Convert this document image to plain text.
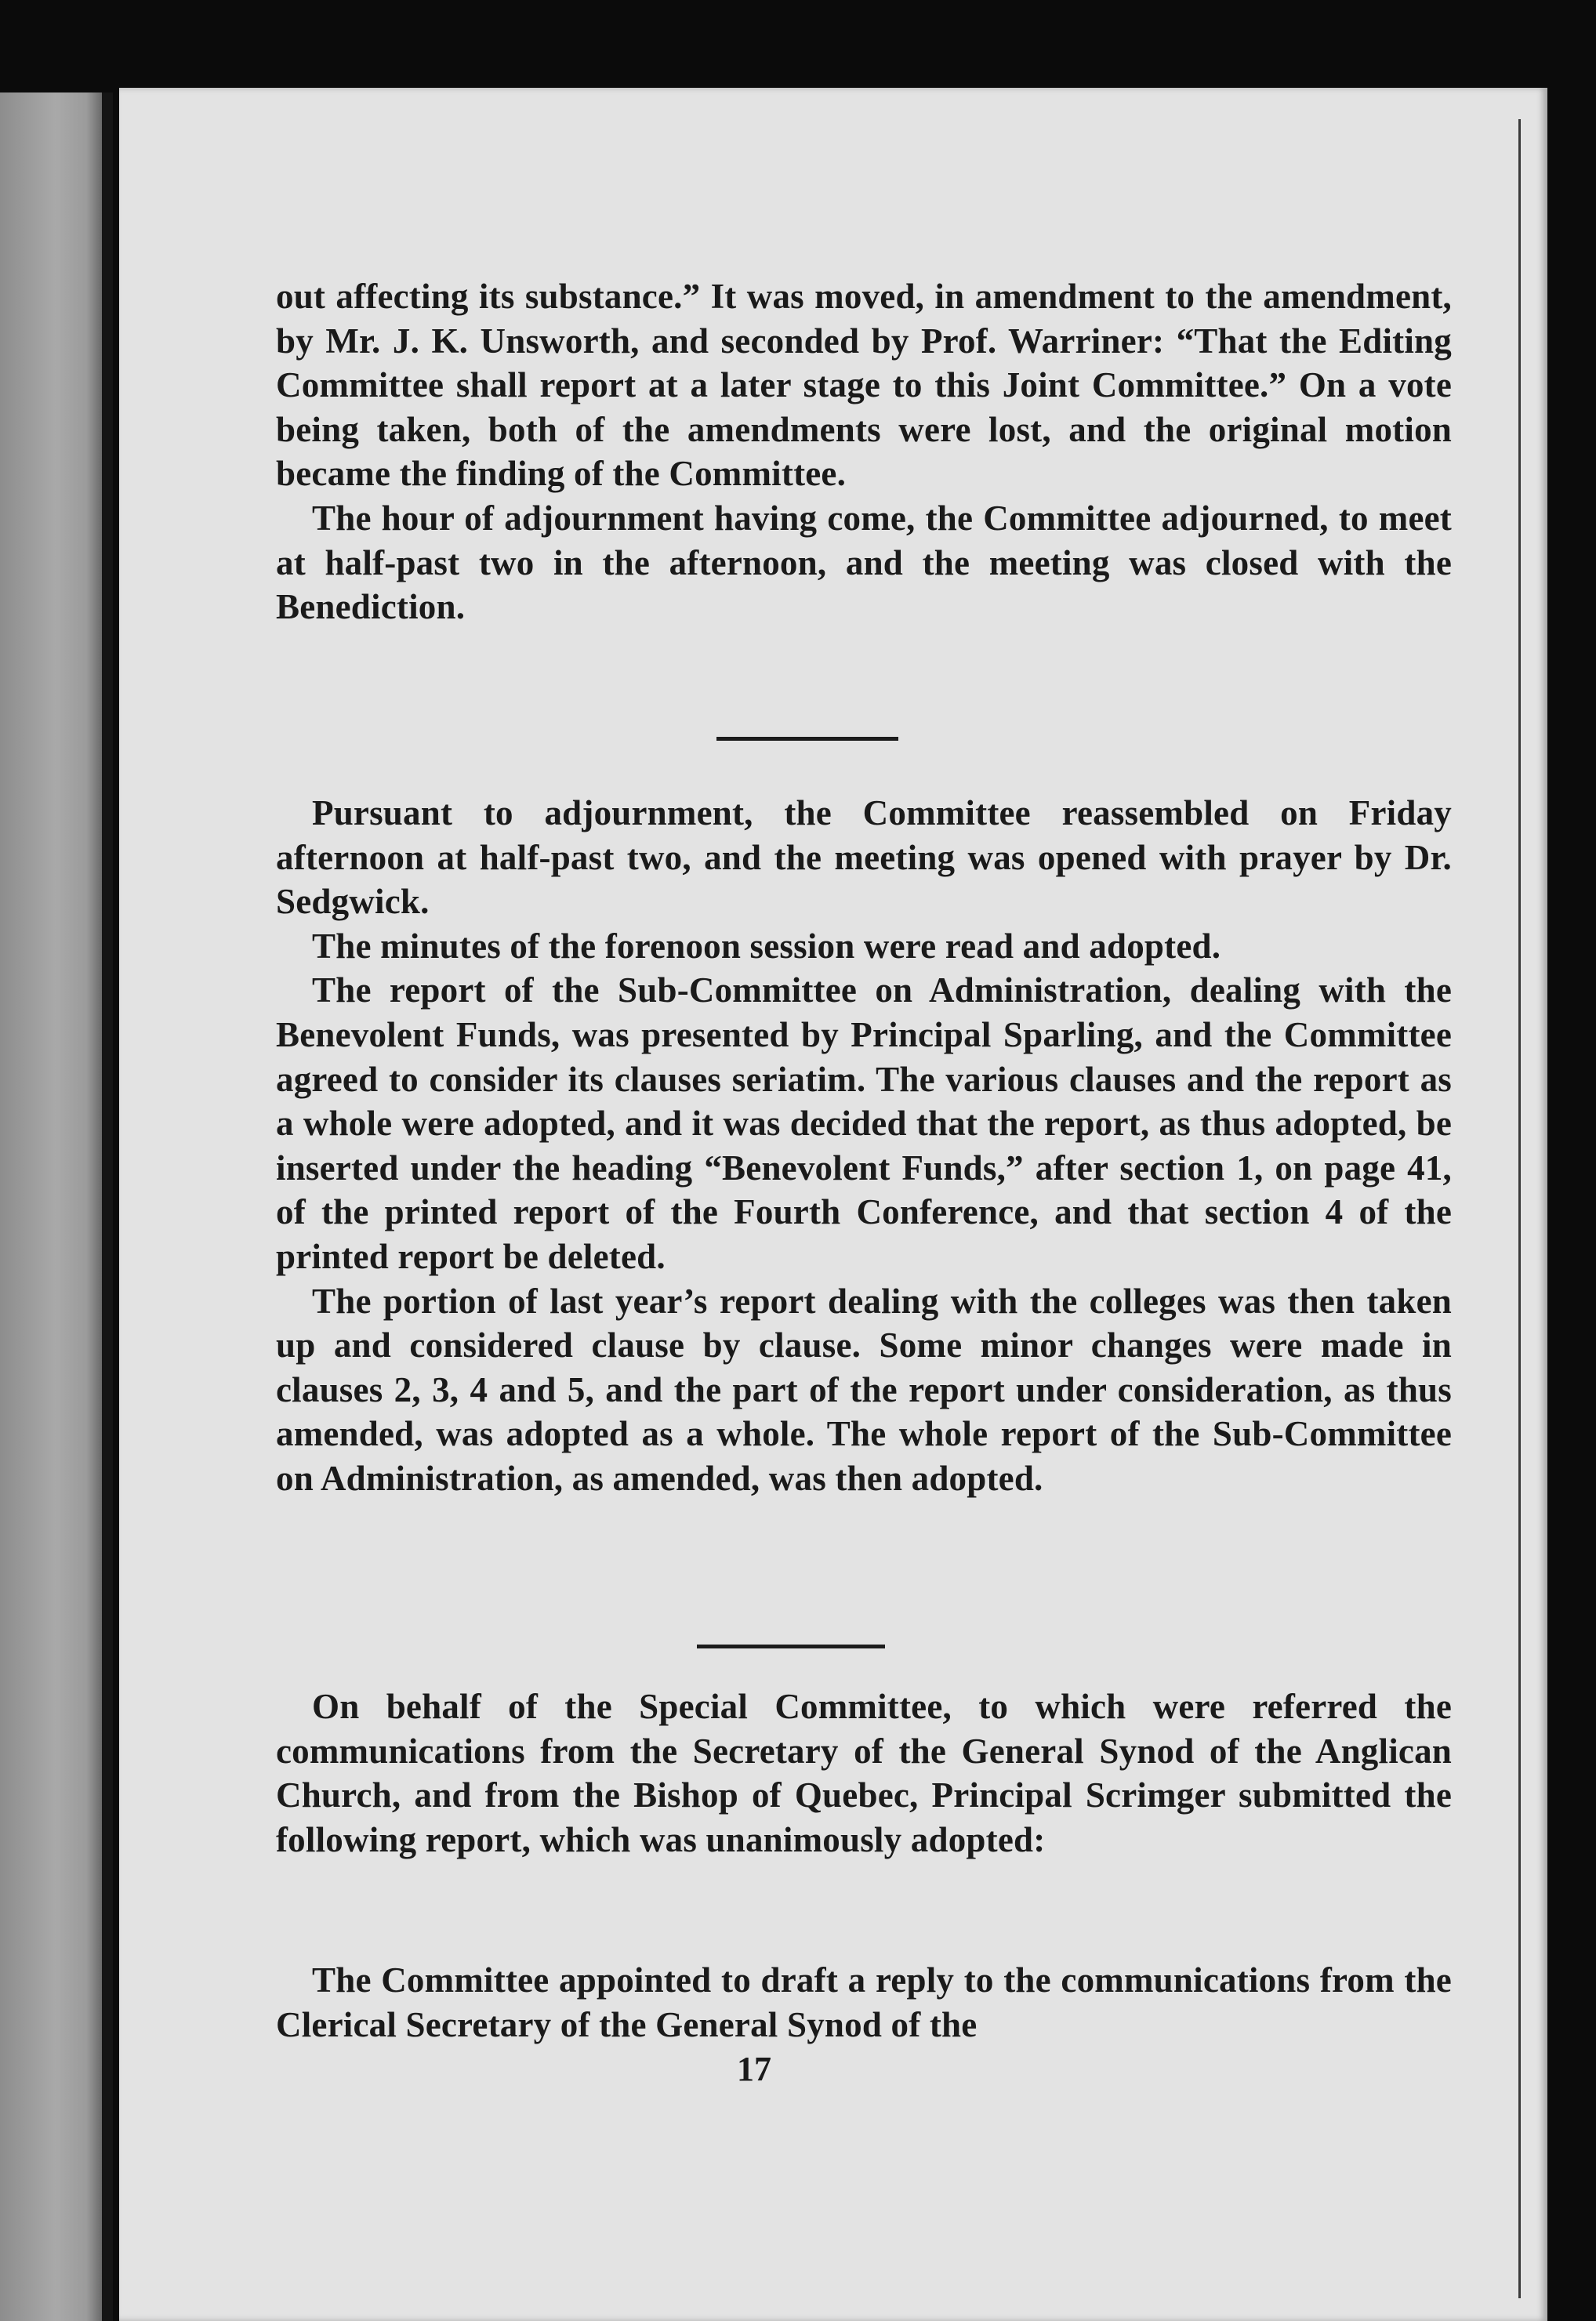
out affecting its substance.” It was moved, in amendment to the amendment, by Mr. J. K. Unsworth, and seconded by Prof. Warriner: “That the Editing Committee shall report at a later stage to this Joint Committee.” On a vote being taken, both of the amendments were lost, and the original motion became the finding of the Committee.

The hour of adjournment having come, the Committee adjourned, to meet at half-past two in the afternoon, and the meeting was closed with the Benediction.

Pursuant to adjournment, the Committee reassembled on Friday afternoon at half-past two, and the meeting was opened with prayer by Dr. Sedgwick.

The minutes of the forenoon session were read and adopted.

The report of the Sub-Committee on Administration, dealing with the Benevolent Funds, was presented by Principal Sparling, and the Committee agreed to consider its clauses seriatim. The various clauses and the report as a whole were adopted, and it was decided that the report, as thus adopted, be inserted under the heading “Benevolent Funds,” after section 1, on page 41, of the printed report of the Fourth Conference, and that section 4 of the printed report be deleted.

The portion of last year’s report dealing with the colleges was then taken up and considered clause by clause. Some minor changes were made in clauses 2, 3, 4 and 5, and the part of the report under consideration, as thus amended, was adopted as a whole. The whole report of the Sub-Committee on Administration, as amended, was then adopted.

On behalf of the Special Committee, to which were referred the communications from the Secretary of the General Synod of the Anglican Church, and from the Bishop of Quebec, Principal Scrimger submitted the following report, which was unanimously adopted:

The Committee appointed to draft a reply to the communications from the Clerical Secretary of the General Synod of the

17
